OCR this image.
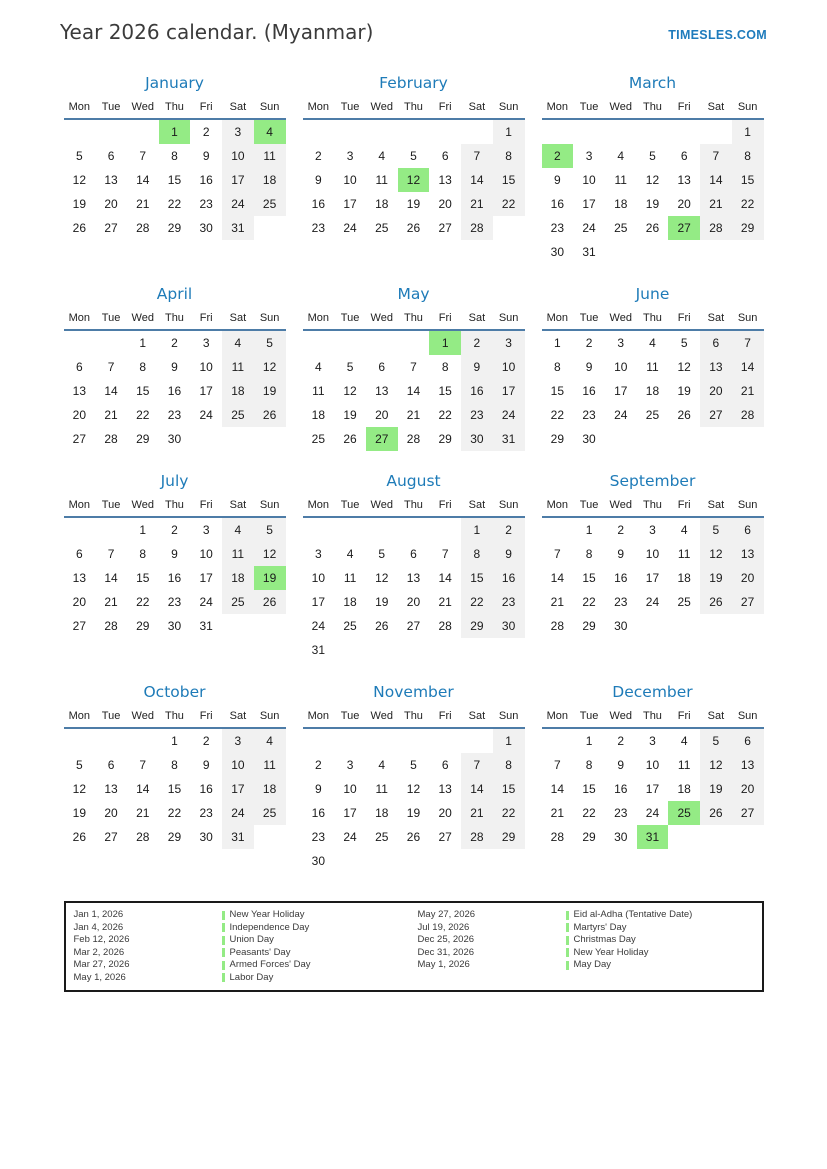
Year 2026 calendar. (Myanmar)	TIMESLES.COM
January
Mon	Tue	Wed	Thu	Fri	Sat	Sun
			1	2	3	4
5	6	7	8	9	10	11
12	13	14	15	16	17	18
19	20	21	22	23	24	25
26	27	28	29	30	31	
February
Mon	Tue	Wed	Thu	Fri	Sat	Sun
						1
2	3	4	5	6	7	8
9	10	11	12	13	14	15
16	17	18	19	20	21	22
23	24	25	26	27	28	
March
Mon	Tue	Wed	Thu	Fri	Sat	Sun
						1
2	3	4	5	6	7	8
9	10	11	12	13	14	15
16	17	18	19	20	21	22
23	24	25	26	27	28	29
30	31					
April
Mon	Tue	Wed	Thu	Fri	Sat	Sun
		1	2	3	4	5
6	7	8	9	10	11	12
13	14	15	16	17	18	19
20	21	22	23	24	25	26
27	28	29	30			
May
Mon	Tue	Wed	Thu	Fri	Sat	Sun
				1	2	3
4	5	6	7	8	9	10
11	12	13	14	15	16	17
18	19	20	21	22	23	24
25	26	27	28	29	30	31
June
Mon	Tue	Wed	Thu	Fri	Sat	Sun
1	2	3	4	5	6	7
8	9	10	11	12	13	14
15	16	17	18	19	20	21
22	23	24	25	26	27	28
29	30					
July
Mon	Tue	Wed	Thu	Fri	Sat	Sun
		1	2	3	4	5
6	7	8	9	10	11	12
13	14	15	16	17	18	19
20	21	22	23	24	25	26
27	28	29	30	31		
August
Mon	Tue	Wed	Thu	Fri	Sat	Sun
					1	2
3	4	5	6	7	8	9
10	11	12	13	14	15	16
17	18	19	20	21	22	23
24	25	26	27	28	29	30
31						
September
Mon	Tue	Wed	Thu	Fri	Sat	Sun
	1	2	3	4	5	6
7	8	9	10	11	12	13
14	15	16	17	18	19	20
21	22	23	24	25	26	27
28	29	30				
October
Mon	Tue	Wed	Thu	Fri	Sat	Sun
			1	2	3	4
5	6	7	8	9	10	11
12	13	14	15	16	17	18
19	20	21	22	23	24	25
26	27	28	29	30	31	
November
Mon	Tue	Wed	Thu	Fri	Sat	Sun
						1
2	3	4	5	6	7	8
9	10	11	12	13	14	15
16	17	18	19	20	21	22
23	24	25	26	27	28	29
30						
December
Mon	Tue	Wed	Thu	Fri	Sat	Sun
	1	2	3	4	5	6
7	8	9	10	11	12	13
14	15	16	17	18	19	20
21	22	23	24	25	26	27
28	29	30	31			
Jan 1, 2026	New Year Holiday
Jan 4, 2026	Independence Day
Feb 12, 2026	Union Day
Mar 2, 2026	Peasants' Day
Mar 27, 2026	Armed Forces' Day
May 1, 2026	Labor Day
May 27, 2026	Eid al-Adha (Tentative Date)
Jul 19, 2026	Martyrs' Day
Dec 25, 2026	Christmas Day
Dec 31, 2026	New Year Holiday
May 1, 2026	May Day
